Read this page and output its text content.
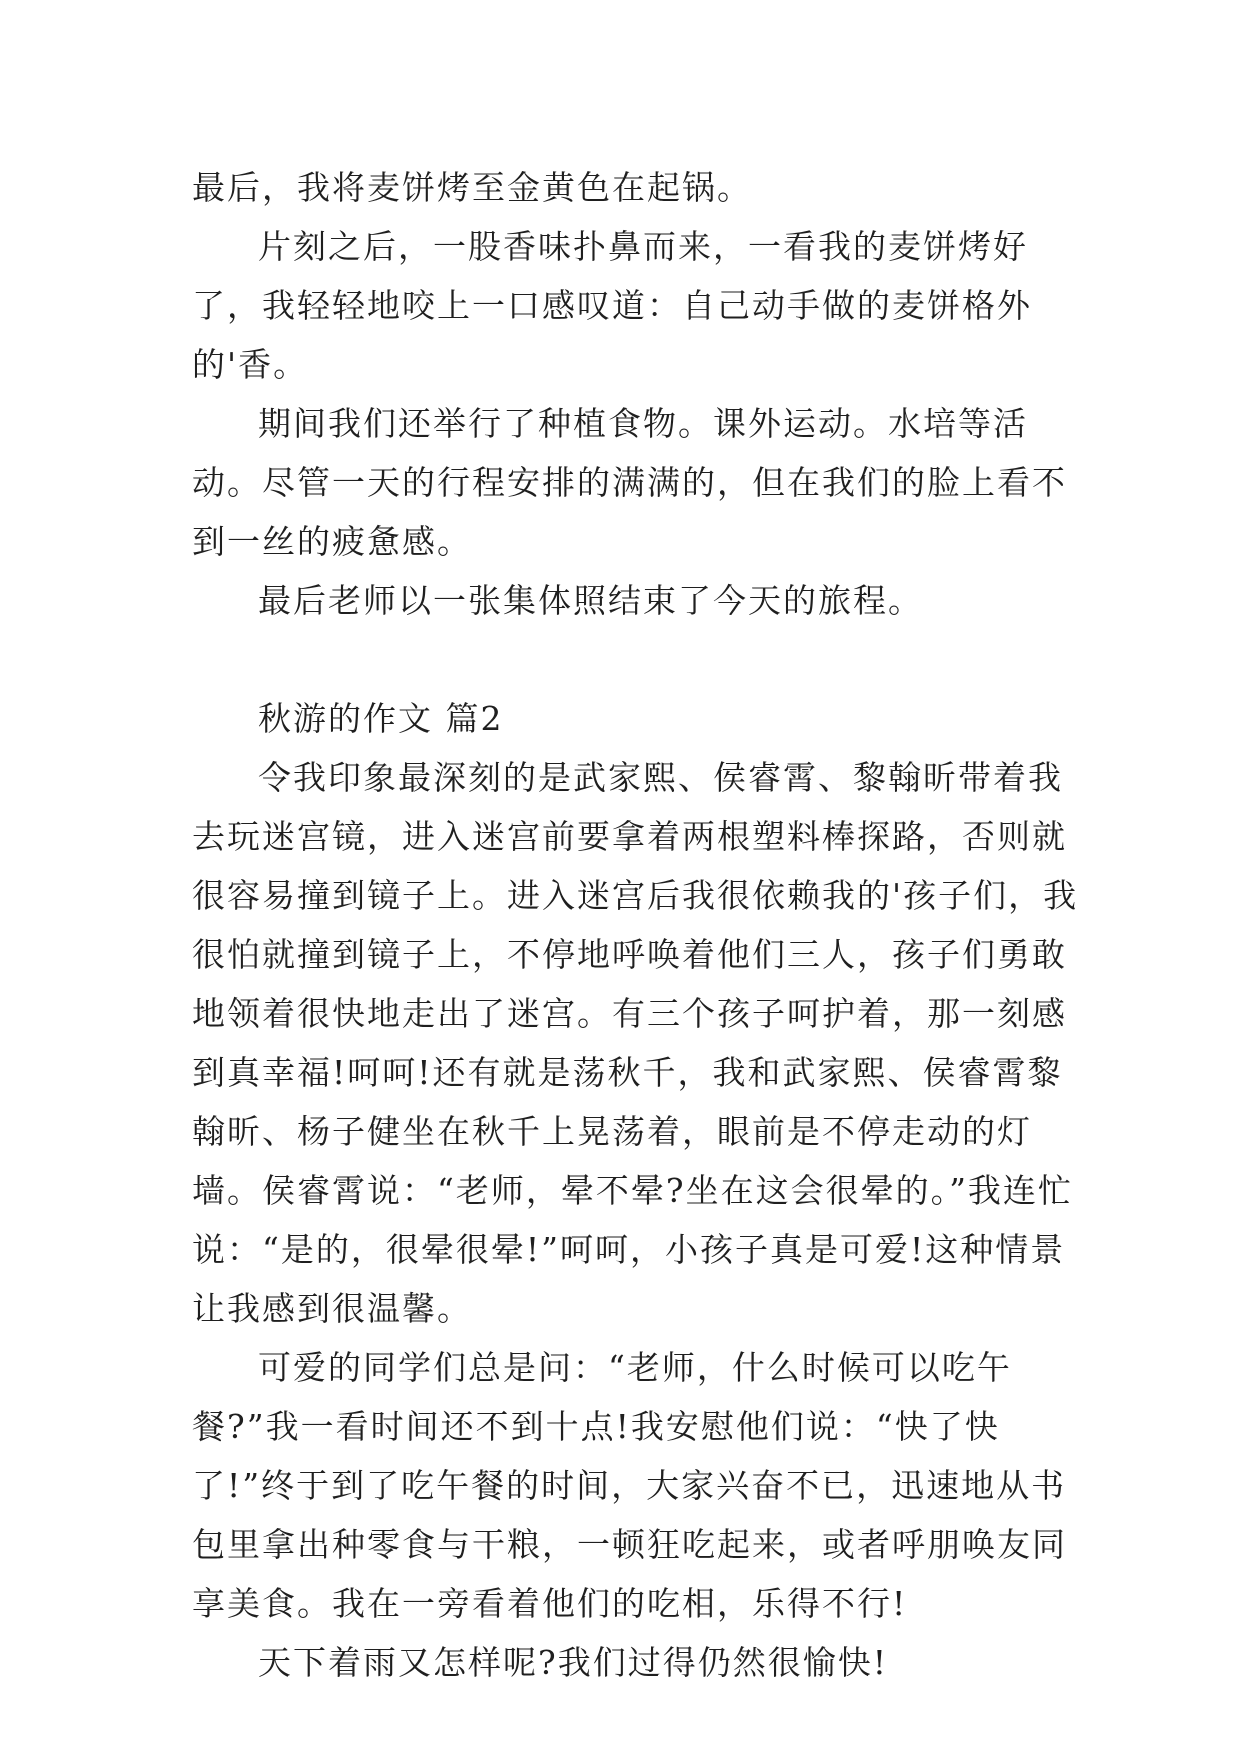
最后，我将麦饼烤至金黄色在起锅。

片刻之后，一股香味扑鼻而来，一看我的麦饼烤好了，我轻轻地咬上一口感叹道：自己动手做的麦饼格外的'香。

期间我们还举行了种植食物。课外运动。水培等活动。尽管一天的行程安排的满满的，但在我们的脸上看不到一丝的疲惫感。

最后老师以一张集体照结束了今天的旅程。

秋游的作文 篇2

令我印象最深刻的是武家熙、侯睿霄、黎翰昕带着我去玩迷宫镜，进入迷宫前要拿着两根塑料棒探路，否则就很容易撞到镜子上。进入迷宫后我很依赖我的'孩子们，我很怕就撞到镜子上，不停地呼唤着他们三人，孩子们勇敢地领着很快地走出了迷宫。有三个孩子呵护着，那一刻感到真幸福!呵呵!还有就是荡秋千，我和武家熙、侯睿霄黎翰昕、杨子健坐在秋千上晃荡着，眼前是不停走动的灯墙。侯睿霄说：“老师，晕不晕?坐在这会很晕的。”我连忙说：“是的，很晕很晕!”呵呵，小孩子真是可爱!这种情景让我感到很温馨。

可爱的同学们总是问：“老师，什么时候可以吃午餐?”我一看时间还不到十点!我安慰他们说：“快了快了!”终于到了吃午餐的时间，大家兴奋不已，迅速地从书包里拿出种零食与干粮，一顿狂吃起来，或者呼朋唤友同享美食。我在一旁看着他们的吃相，乐得不行!

天下着雨又怎样呢?我们过得仍然很愉快!
